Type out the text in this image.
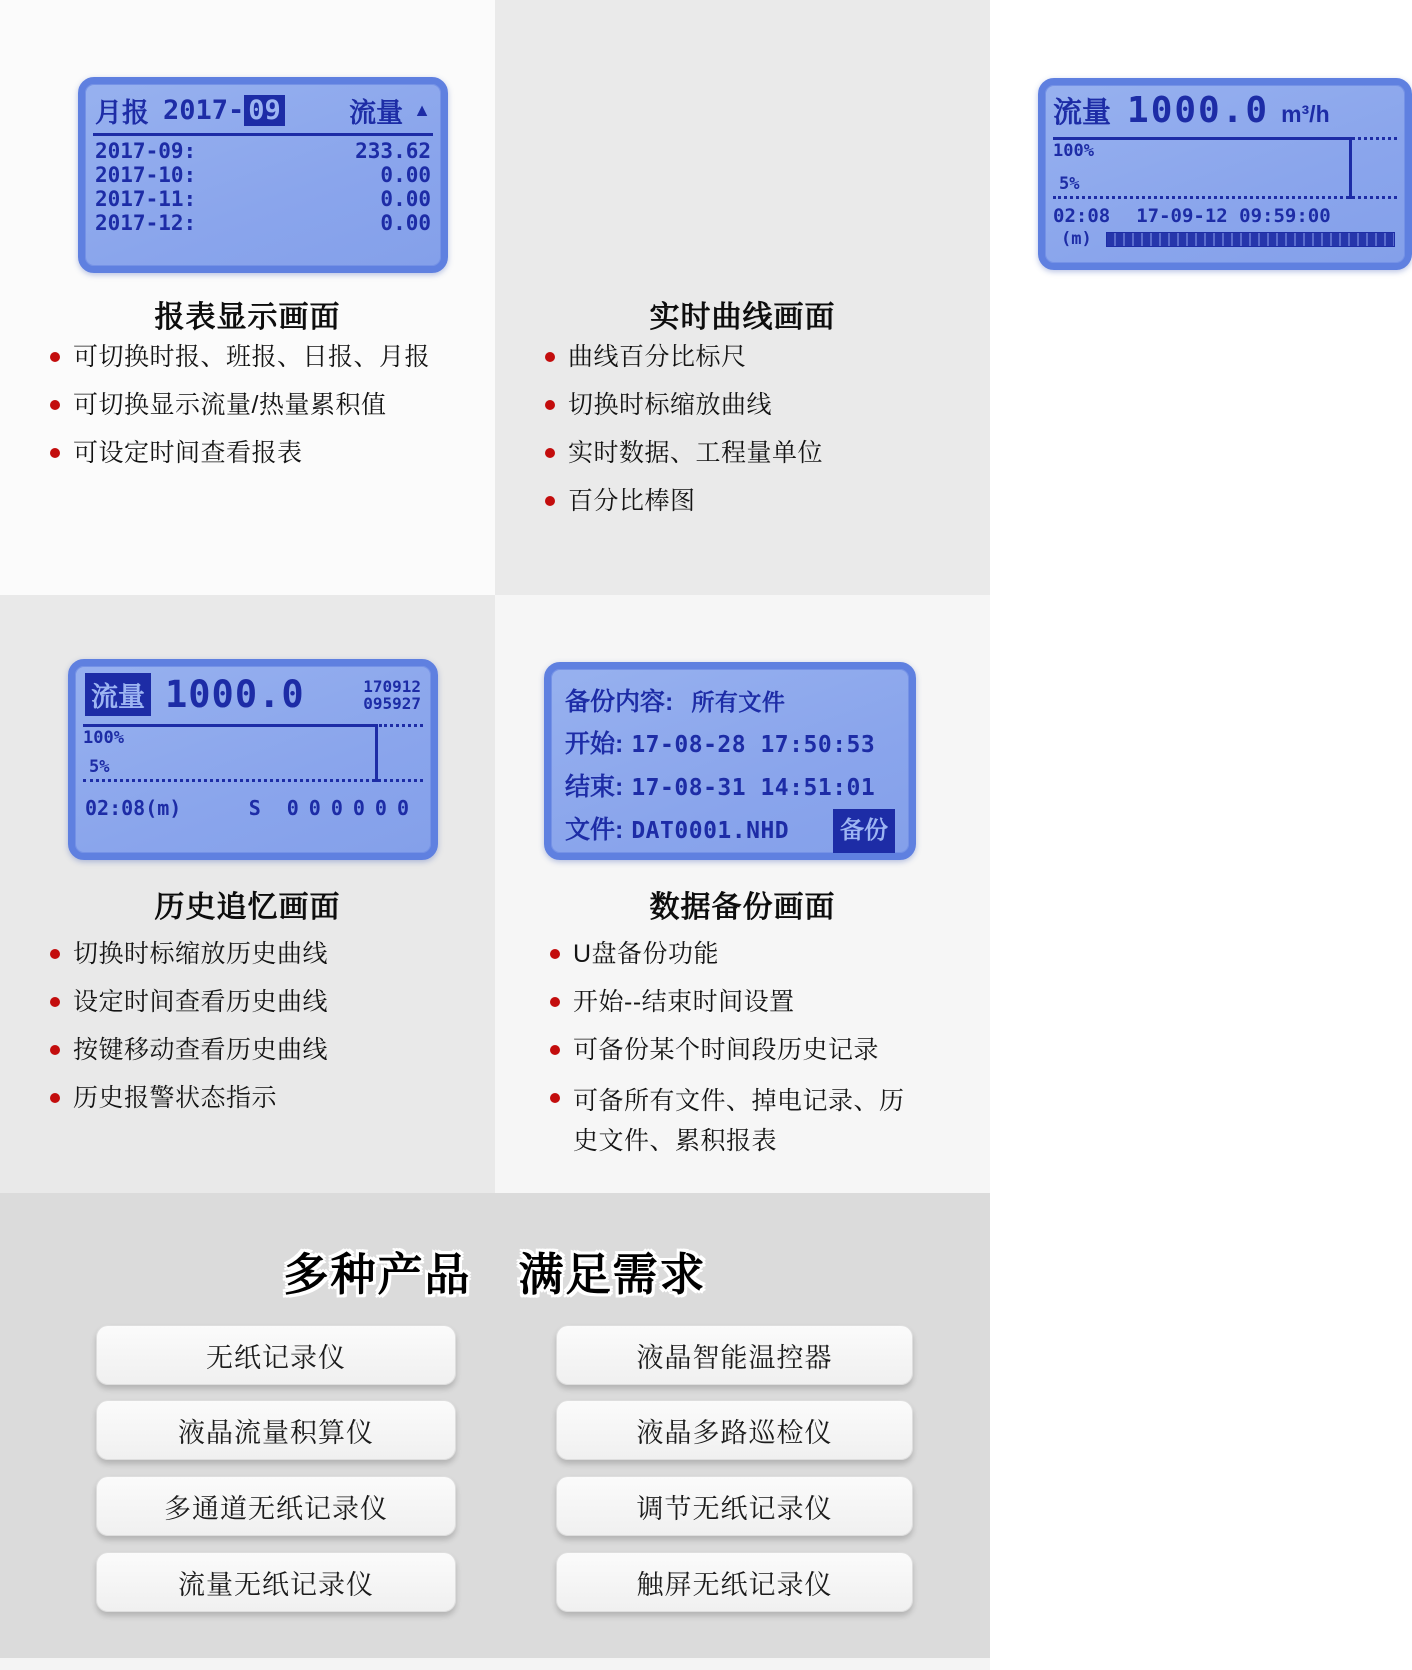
月报 2017- 09	流量 ▲
2017-09:	233.62
2017-10:	0.00
2017-11:	0.00
2017-12:	0.00
报表显示画面
可切换时报、班报、日报、月报
可切换显示流量/热量累积值
可设定时间查看报表
流量 1000.0 m³/h
100%
5%
02:08 17-09-12 09:59:00
(m)
实时曲线画面
曲线百分比标尺
切换时标缩放曲线
实时数据、工程量单位
百分比棒图
流量 1000.0	170912
095927
100%
5%
02:08(m)	S 000000
历史追忆画面
切换时标缩放历史曲线
设定时间查看历史曲线
按键移动查看历史曲线
历史报警状态指示
备份内容: 所有文件
开始: 17-08-28 17:50:53
结束: 17-08-31 14:51:01
文件: DAT0001.NHD 备份
数据备份画面
U盘备份功能
开始--结束时间设置
可备份某个时间段历史记录
可备所有文件、掉电记录、历史文件、累积报表
多种产品　满足需求
无纸记录仪
液晶流量积算仪
多通道无纸记录仪
流量无纸记录仪
液晶智能温控器
液晶多路巡检仪
调节无纸记录仪
触屏无纸记录仪
